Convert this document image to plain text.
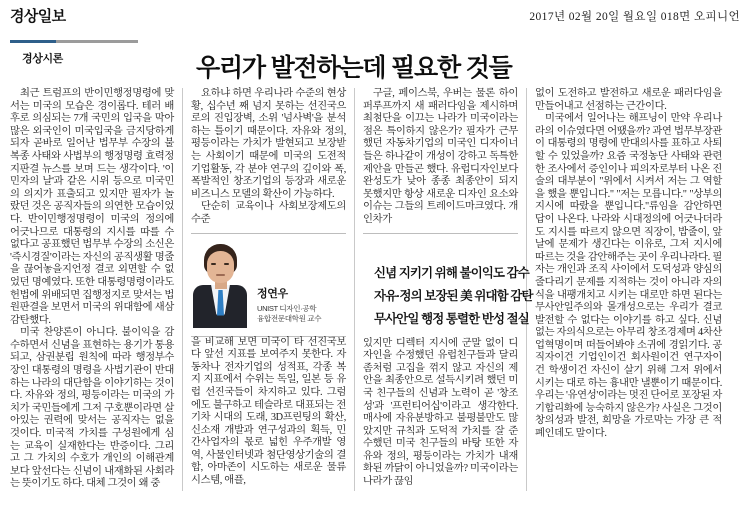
경상일보	2017년 02월 20일 월요일 018면 오피니언
경상시론	우리가 발전하는데 필요한 것들

최근 트럼프의 반이민행정명령에 맞서는 미국의 모습은 경이롭다. 테러 배후로 의심되는 7개 국민의 입국을 막아 많은 외국인이 미국입국을 금지당하게 되자 곧바로 일어난 법무부 수장의 불복종 사태와 사법부의 행정명령 효력정지판결 뉴스를 보며 드는 생각이다. '이민자의 날'과 같은 시위 등으로 미국민의 의지가 표출되고 있지만 필자가 놀랐던 것은 공직자들의 의연한 모습이었다. 반이민행정명령이 미국의 정의에 어긋나므로 대통령의 지시를 따를 수 없다고 공표했던 법무부 수장의 소신은 '즉시경질'이라는 자신의 공직생활 명줄을 끊어놓을지언정 결코 외면할 수 없었던 명예였다. 또한 대통령명령이라도 헌법에 위배되면 집행정지로 맞서는 법원판결을 보면서 미국의 위대함에 새삼 감탄했다.

미국 찬양론이 아니다. 불이익을 감수하면서 신념을 표현하는 용기가 통용되고, 삼권분립 원칙에 따라 행정부수장인 대통령의 명령을 사법기관이 반대하는 나라의 대단함을 이야기하는 것이다. 자유와 정의, 평등이라는 미국의 가치가 국민들에게 그저 구호뿐이라면 살아있는 권력에 맞서는 공직자는 없을 것이다. 미국적 가치를 구성원에게 심는 교육이 실재한다는 반증이다. 그리고 그 가치의 수호가 개인의 이해관계보다 앞선다는 신념이 내재화된 사회라는 뜻이기도 하다. 대체 그것이 왜 중

요하냐 하면 우리나라 수준의 현상황, 십수년 째 넘지 못하는 선진국으로의 진입장벽, 소위 '넘사벽'을 분석하는 틀이기 때문이다. 자유와 정의, 평등이라는 가치가 발현되고 보장받는 사회이기 때문에 미국의 도전적 기업활동, 각 분야 연구의 깊이와 폭, 폭발적인 창조기업의 등장과 새로운 비즈니스 모델의 확산이 가능하다.

단순히 교육이나 사회보장제도의 수준

정연우
UNIST 디자인·공학
융합전문대학원 교수

을 비교해 보면 미국이 타 선진국보다 앞선 지표를 보여주지 못한다. 자동차나 전자기업의 성적표, 각종 복지 지표에서 수위는 독일, 일본 등 유럽 선진국들이 차지하고 있다. 그럼에도 불구하고 테슬라로 대표되는 전기차 시대의 도래, 3D프린팅의 확산, 신소재 개발과 연구성과의 획득, 민간사업자의 몫로 넓힌 우주개발 영역, 사물인터넷과 첨단영상기술의 결합, 아마존이 시도하는 새로운 물류 시스템, 애플,

구글, 페이스북, 우버는 물론 하이퍼루프까지 새 패러다임을 제시하며 최첨단을 이끄는 나라가 미국이라는 점은 특이하지 않은가? 필자가 근무했던 자동차기업의 미국인 디자이너들은 하나같이 개성이 강하고 독특한 제안을 만들곤 했다. 유럽디자인보다 완성도가 낮아 종종 최종안이 되지 못했지만 항상 새로운 디자인 요소와 이슈는 그들의 트레이드마크였다. 개인차가

있지만 디렉터 지시에 군말 없이 디자인을 수정했던 유럽친구들과 달리 좀처럼 고집을 꺾지 않고 자신의 제안을 최종안으로 설득시키려 했던 미국 친구들의 신념과 노력이 곧 '창조성'과 '프런티어십'이라고 생각한다. 매사에 자유분방하고 불평불만도 많았지만 규칙과 도덕적 가치를 잘 준수했던 미국 친구들의 바탕 또한 자유와 정의, 평등이라는 가치가 내재화된 까닭이 아니었을까? 미국이라는 나라가 끊임

없이 도전하고 발전하고 새로운 패러다임을 만들어내고 선점하는 근간이다.

미국에서 일어나는 해프닝이 만약 우리나라의 이슈였다면 어땠을까? 과연 법무부장관이 대통령의 명령에 반대의사를 표하고 사퇴할 수 있었을까? 요즘 국정농단 사태와 관련한 조사에서 증인이나 피의자로부터 나온 진술의 대부분이 "위에서 시켜서 저는 그 역할을 했을 뿐입니다." "저는 모릅니다." "상부의 지시에 따랐을 뿐입니다."류임을 감안하면 답이 나온다. 나라와 시대정의에 어긋나더라도 지시를 따르지 않으면 직장이, 밥줄이, 앞날에 문제가 생긴다는 이유로, 그저 지시에 따르는 것을 감안해주는 곳이 우리나라다. 필자는 개인과 조직 사이에서 도덕성과 양심의 줄다리기 문제를 지적하는 것이 아니라 자의식을 내팽개치고 시키는 대로만 하면 된다는 무사안일주의와 몰개성으로는 우리가 결코 발전할 수 없다는 이야기를 하고 싶다. 신념없는 자의식으로는 아무리 창조경제며 4차산업혁명이며 떠들어봐야 소귀에 경읽기다. 공직자이건 기업인이건 회사원이건 연구자이건 학생이건 자신이 살기 위해 그저 위에서 시키는 대로 하는 흉내만 낼뿐이기 때문이다. 우리는 '유연성'이라는 멋진 단어로 포장된 자기합리화에 능숙하지 않은가? 사실은 그것이 창의성과 발전, 희망을 가로막는 가장 큰 적폐인데도 말이다.

신념 지키기 위해 불이익도 감수
자유·정의 보장된 美 위대함 감탄
무사안일 행정 통렬한 반성 절실
